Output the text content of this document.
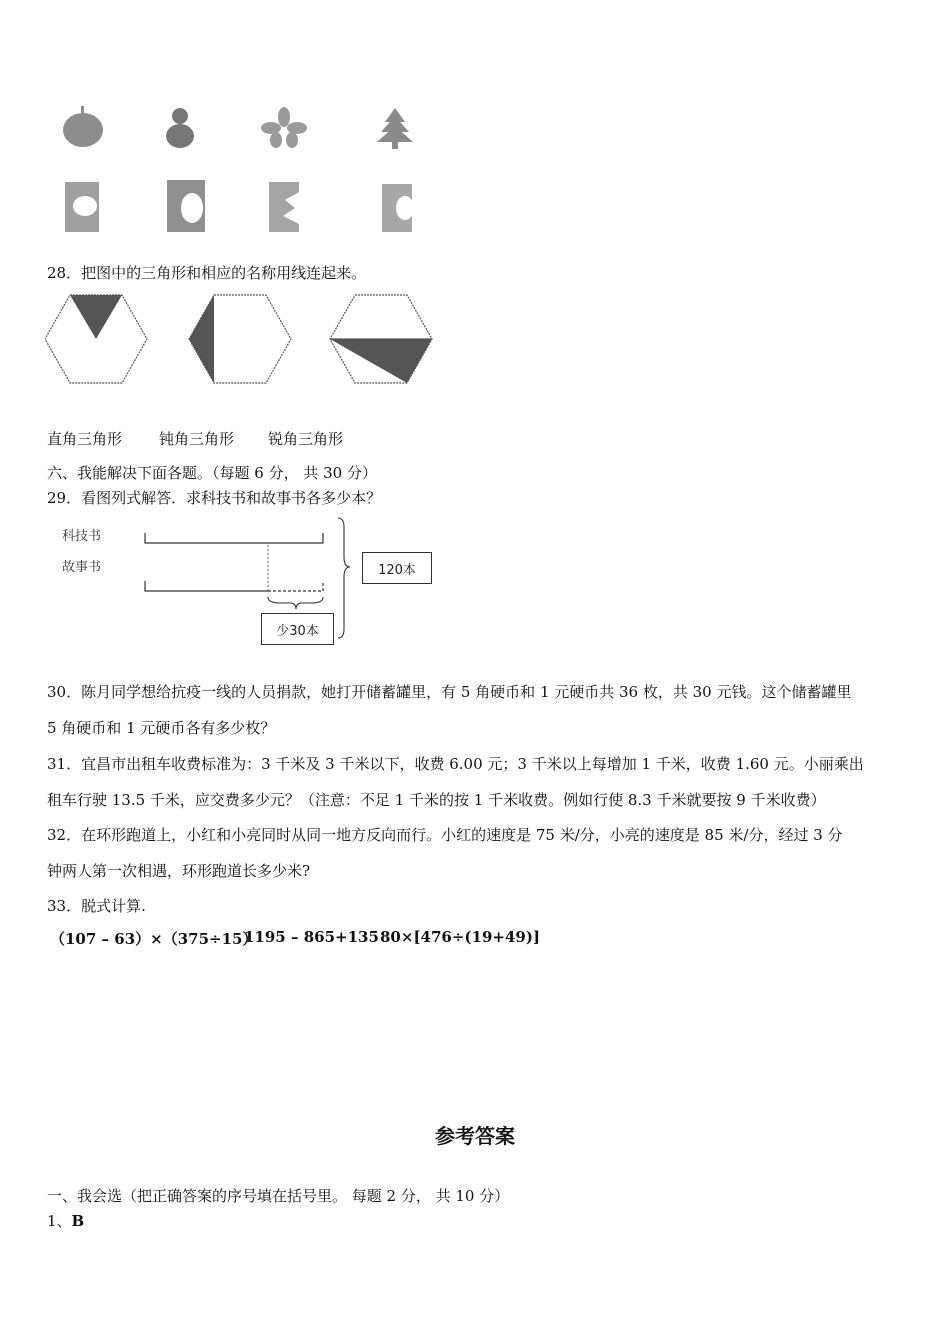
28．把图中的三角形和相应的名称用线连起来。
直角三角形 钝角三角形 锐角三角形
六、我能解决下面各题。（每题 6 分， 共 30 分）
29．看图列式解答．求科技书和故事书各多少本？
科技书
故事书	120本
少30本
30．陈月同学想给抗疫一线的人员捐款，她打开储蓄罐里，有 5 角硬币和 1 元硬币共 36 枚，共 30 元钱。这个储蓄罐里
5 角硬币和 1 元硬币各有多少枚？
31．宜昌市出租车收费标准为：3 千米及 3 千米以下，收费 6.00 元；3 千米以上每增加 1 千米，收费 1.60 元。小丽乘出
租车行驶 13.5 千米，应交费多少元？（注意：不足 1 千米的按 1 千米收费。例如行使 8.3 千米就要按 9 千米收费）
32．在环形跑道上，小红和小亮同时从同一地方反向而行。小红的速度是 75 米/分，小亮的速度是 85 米/分，经过 3 分
钟两人第一次相遇，环形跑道长多少米?
33．脱式计算.
（107 – 63）×（375÷15）
1195 – 865+135 80×[476÷(19+49)]
参考答案
一、我会选（把正确答案的序号填在括号里。 每题 2 分， 共 10 分）
1、B
